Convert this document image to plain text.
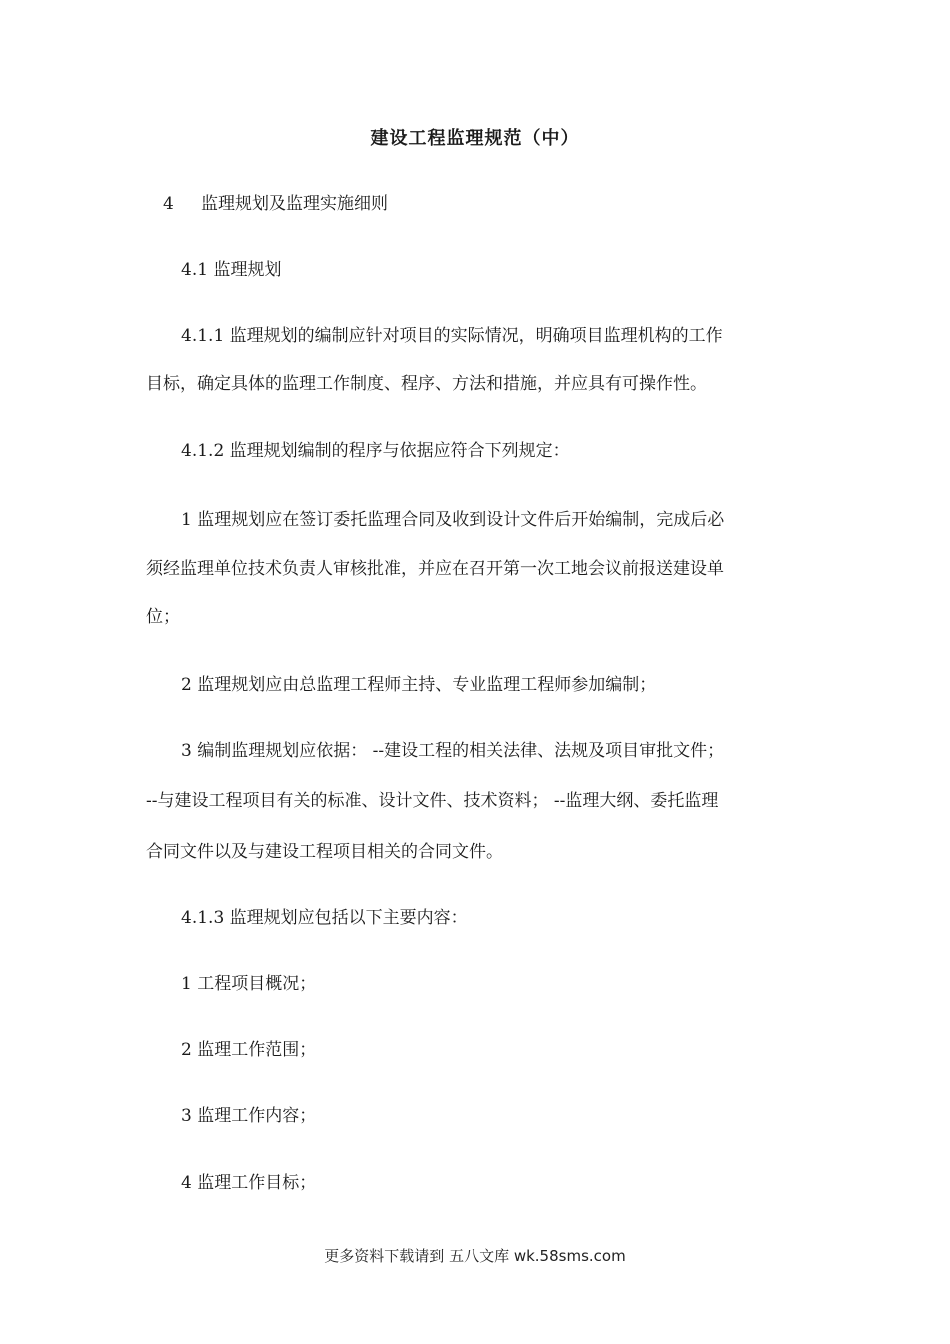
建设工程监理规范（中）
4 监理规划及监理实施细则
4.1 监理规划
4.1.1 监理规划的编制应针对项目的实际情况，明确项目监理机构的工作
目标，确定具体的监理工作制度、程序、方法和措施，并应具有可操作性。
4.1.2 监理规划编制的程序与依据应符合下列规定：
1 监理规划应在签订委托监理合同及收到设计文件后开始编制，完成后必
须经监理单位技术负责人审核批准，并应在召开第一次工地会议前报送建设单
位；
2 监理规划应由总监理工程师主持、专业监理工程师参加编制；
3 编制监理规划应依据： --建设工程的相关法律、法规及项目审批文件；
--与建设工程项目有关的标准、设计文件、技术资料； --监理大纲、委托监理
合同文件以及与建设工程项目相关的合同文件。
4.1.3 监理规划应包括以下主要内容：
1 工程项目概况；
2 监理工作范围；
3 监理工作内容；
4 监理工作目标；
更多资料下载请到 五八文库 wk.58sms.com
